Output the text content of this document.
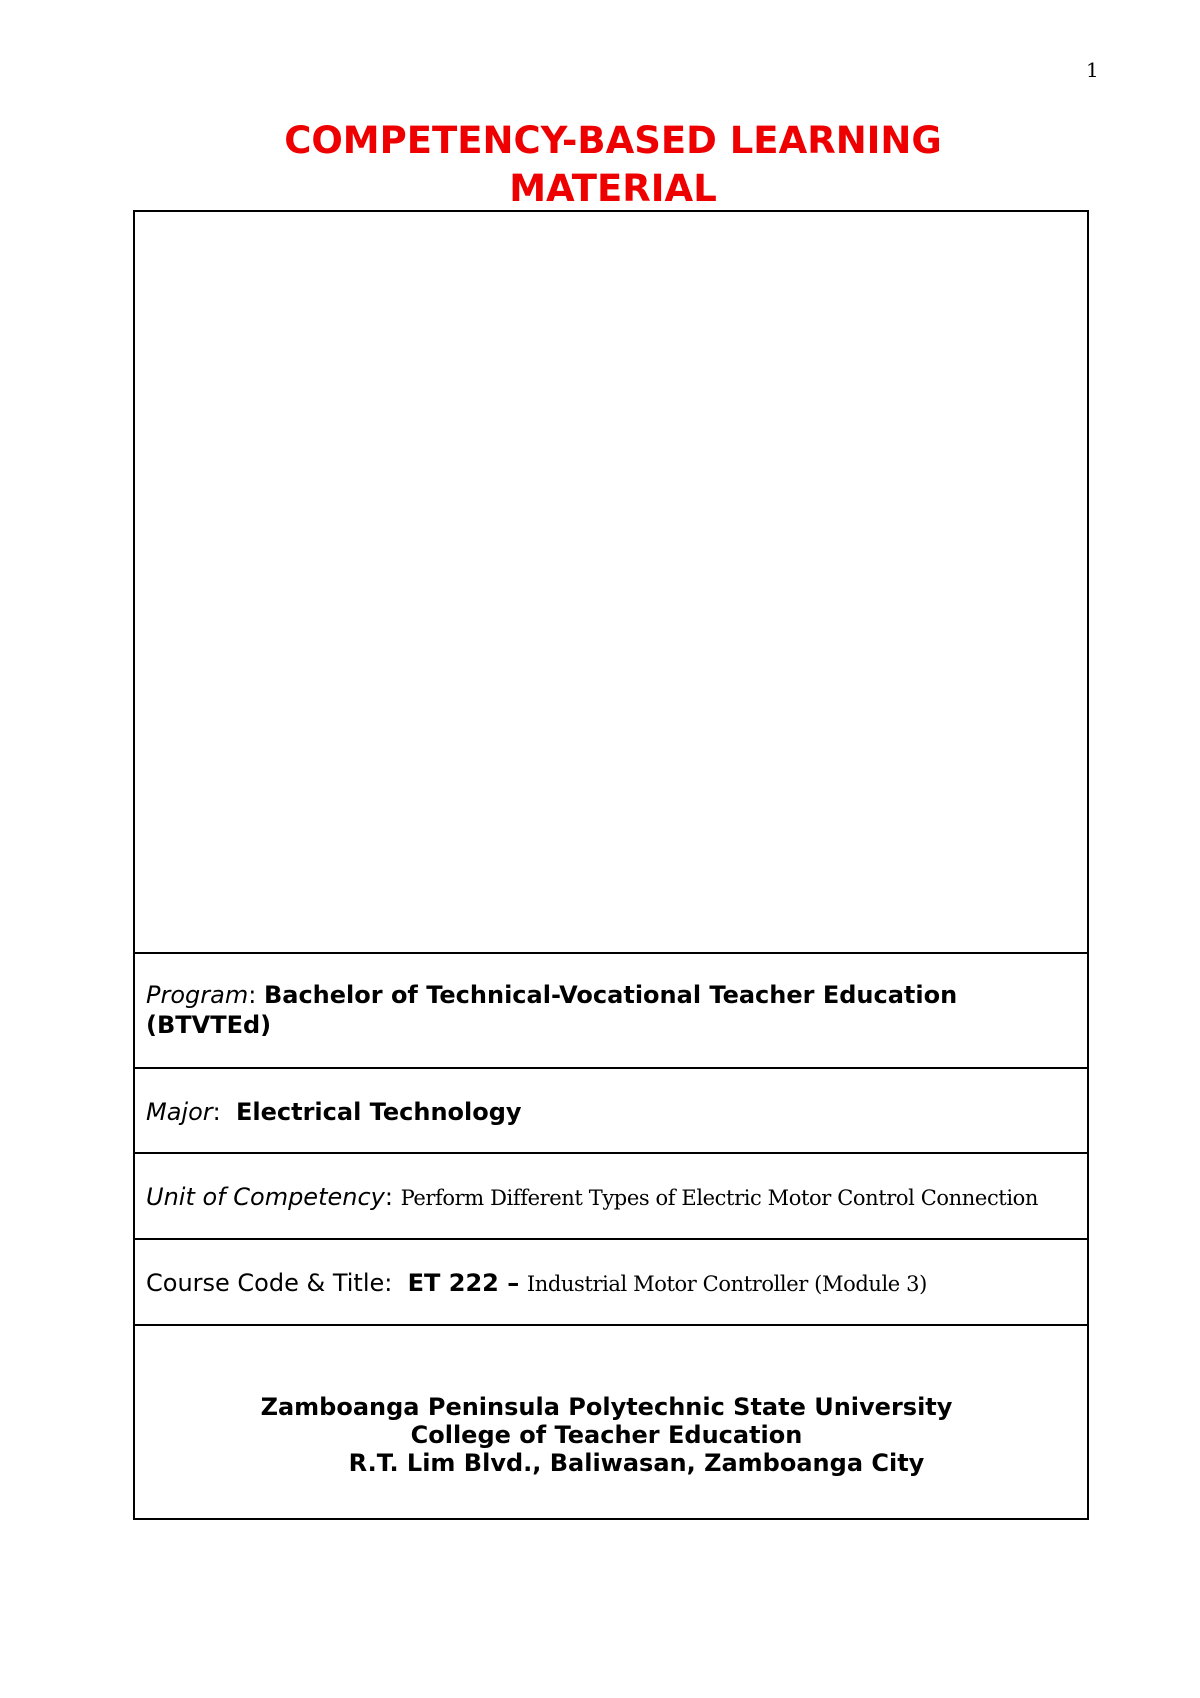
1
COMPETENCY-BASED LEARNING
MATERIAL
Program: Bachelor of Technical-Vocational Teacher Education (BTVTEd)
Major: Electrical Technology
Unit of Competency: Perform Different Types of Electric Motor Control Connection
Course Code & Title: ET 222 – Industrial Motor Controller (Module 3)
Zamboanga Peninsula Polytechnic State University
College of Teacher Education
R.T. Lim Blvd., Baliwasan, Zamboanga City
